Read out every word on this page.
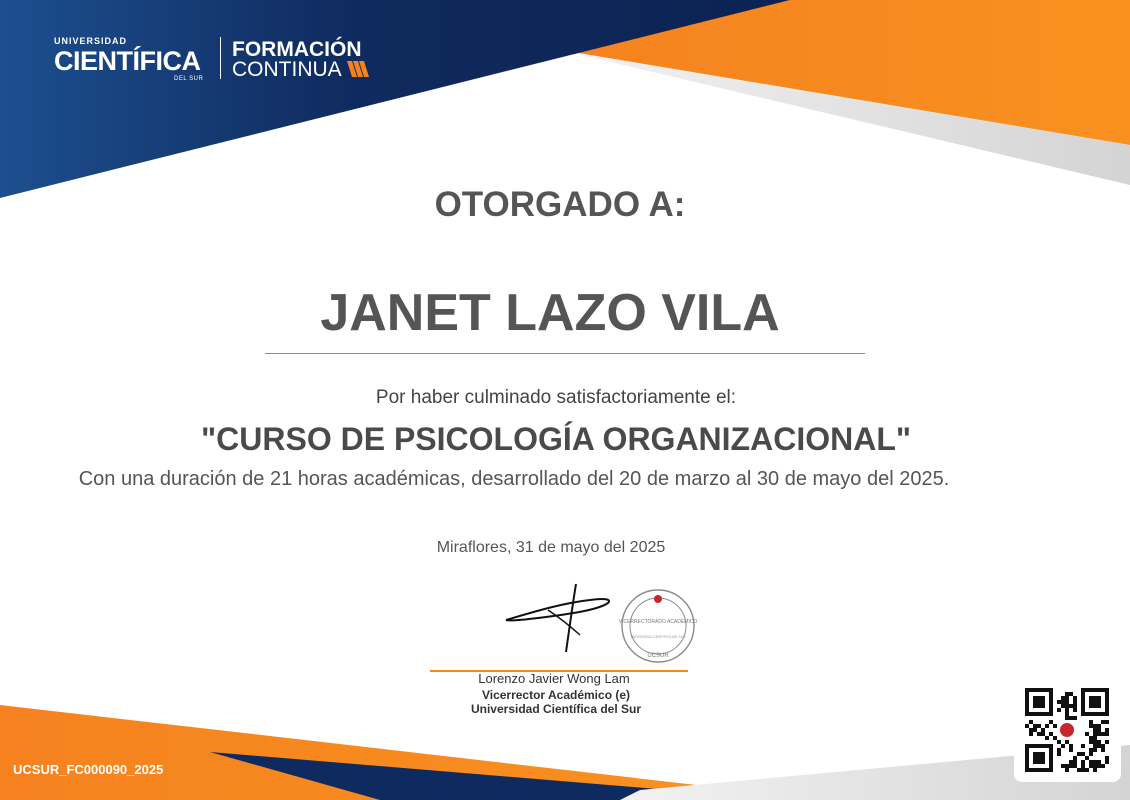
UNIVERSIDAD
CIENTÍFICA
DEL SUR
FORMACIÓN
CONTINUA
OTORGADO A:
JANET LAZO VILA
Por haber culminado satisfactoriamente el:
"CURSO DE PSICOLOGÍA ORGANIZACIONAL"
Con una duración de 21 horas académicas, desarrollado del 20 de marzo al 30 de mayo del 2025.
Miraflores, 31 de mayo del 2025
VICERRECTORADO ACADÉMICO
UCSUR
UNIVERSIDAD CIENTÍFICA DEL SUR
Lorenzo Javier Wong Lam
Vicerrector Académico (e)
Universidad Científica del Sur
UCSUR_FC000090_2025
